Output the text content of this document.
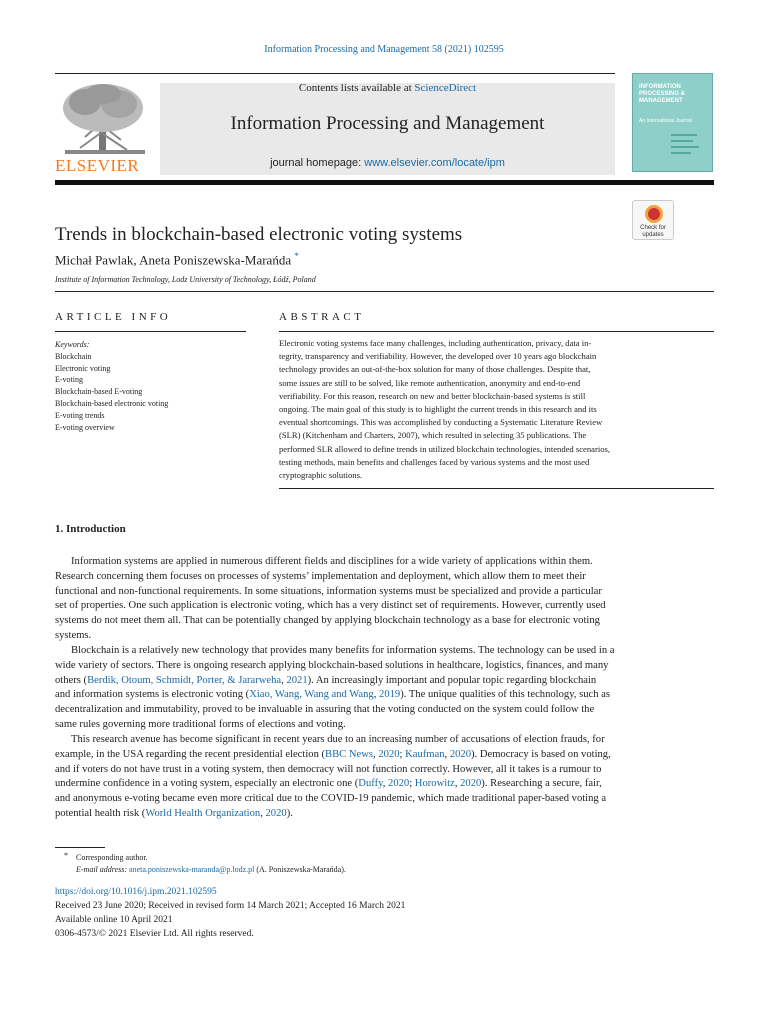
Information Processing and Management 58 (2021) 102595
ELSEVIER
Contents lists available at ScienceDirect
Information Processing and Management
journal homepage: www.elsevier.com/locate/ipm
INFORMATION PROCESSING & MANAGEMENT
An International Journal
Check for updates
Trends in blockchain-based electronic voting systems
Michał Pawlak, Aneta Poniszewska-Marańda *
Institute of Information Technology, Lodz University of Technology, Łódź, Poland
ARTICLE INFO	ABSTRACT
Keywords:
Blockchain
Electronic voting
E-voting
Blockchain-based E-voting
Blockchain-based electronic voting
E-voting trends
E-voting overview
Electronic voting systems face many challenges, including authentication, privacy, data in-
tegrity, transparency and verifiability. However, the developed over 10 years ago blockchain
technology provides an out-of-the-box solution for many of those challenges. Despite that,
some issues are still to be solved, like remote authentication, anonymity and end-to-end
verifiability. For this reason, research on new and better blockchain-based systems is still
ongoing. The main goal of this study is to highlight the current trends in this research and its
eventual shortcomings. This was accomplished by conducting a Systematic Literature Review
(SLR) (Kitchenham and Charters, 2007), which resulted in selecting 35 publications. The
performed SLR allowed to define trends in utilized blockchain technologies, intended scenarios,
testing methods, main benefits and challenges faced by various systems and the most used
cryptographic solutions.
1. Introduction
Information systems are applied in numerous different fields and disciplines for a wide variety of applications within them.
Research concerning them focuses on processes of systems’ implementation and deployment, which allow them to meet their
functional and non-functional requirements. In some situations, information systems must be specialized and provide a particular
set of properties. One such application is electronic voting, which has a very distinct set of requirements. However, currently used
systems do not meet them all. That can be potentially changed by applying blockchain technology as a base for electronic voting
systems.
Blockchain is a relatively new technology that provides many benefits for information systems. The technology can be used in a
wide variety of sectors. There is ongoing research applying blockchain-based solutions in healthcare, logistics, finances, and many
others (Berdik, Otoum, Schmidt, Porter, & Jararweha, 2021). An increasingly important and popular topic regarding blockchain
and information systems is electronic voting (Xiao, Wang, Wang and Wang, 2019). The unique qualities of this technology, such as
decentralization and immutability, proved to be invaluable in assuring that the voting conducted on the system could follow the
same rules governing more traditional forms of elections and voting.
This research avenue has become significant in recent years due to an increasing number of accusations of election frauds, for
example, in the USA regarding the recent presidential election (BBC News, 2020; Kaufman, 2020). Democracy is based on voting,
and if voters do not have trust in a voting system, then democracy will not function correctly. However, all it takes is a rumour to
undermine confidence in a voting system, especially an electronic one (Duffy, 2020; Horowitz, 2020). Researching a secure, fair,
and anonymous e-voting became even more critical due to the COVID-19 pandemic, which made traditional paper-based voting a
potential health risk (World Health Organization, 2020).
* Corresponding author.
E-mail address: aneta.poniszewska-maranda@p.lodz.pl (A. Poniszewska-Marańda).
https://doi.org/10.1016/j.ipm.2021.102595
Received 23 June 2020; Received in revised form 14 March 2021; Accepted 16 March 2021
Available online 10 April 2021
0306-4573/© 2021 Elsevier Ltd. All rights reserved.
